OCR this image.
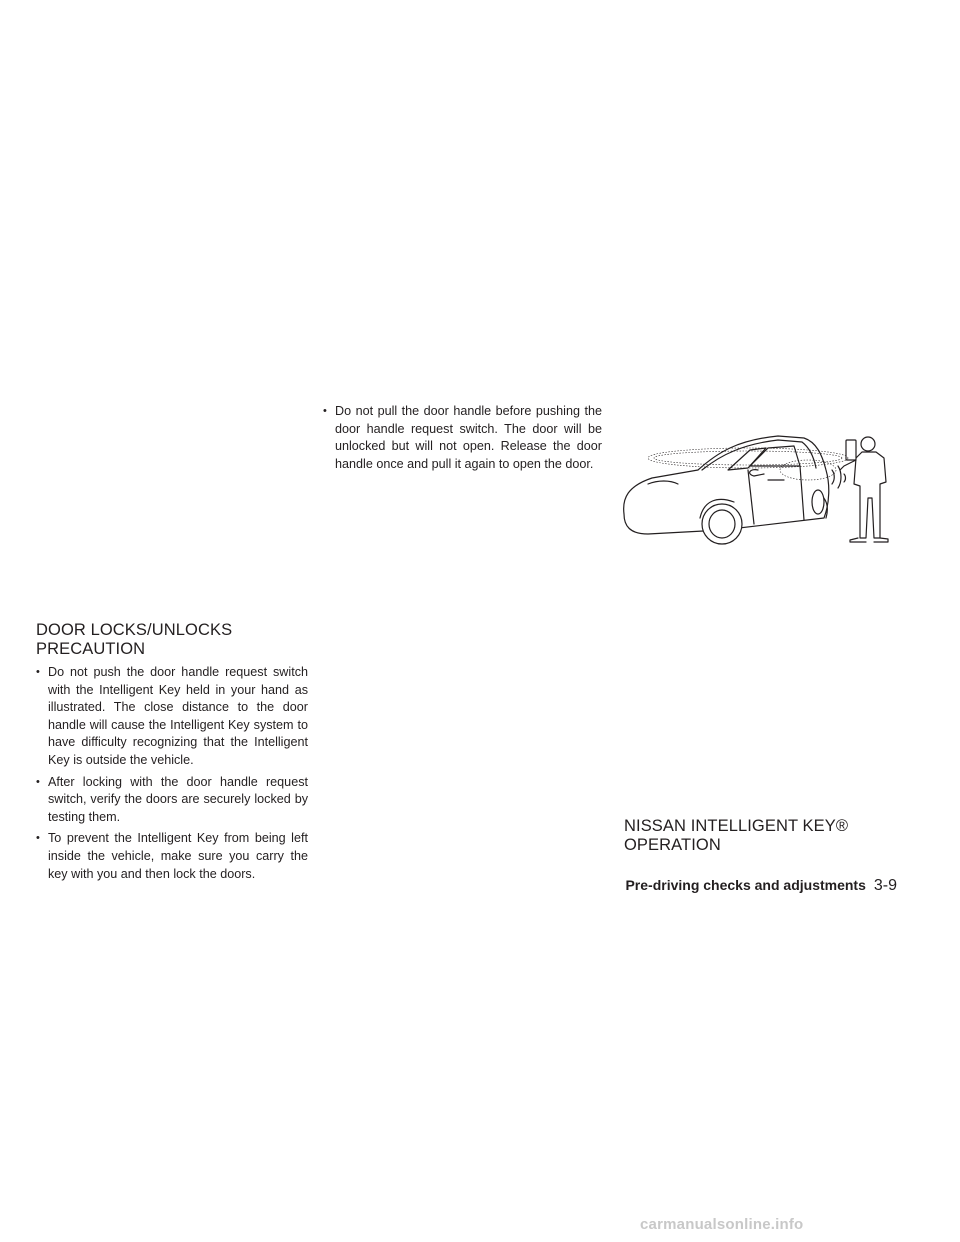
DOOR LOCKS/UNLOCKS
PRECAUTION
• Do not push the door handle request switch with the Intelligent Key held in your hand as illustrated. The close distance to the door handle will cause the Intelligent Key system to have difficulty recognizing that the Intelligent Key is outside the vehicle.
• After locking with the door handle request switch, verify the doors are securely locked by testing them.
• To prevent the Intelligent Key from being left inside the vehicle, make sure you carry the key with you and then lock the doors.
• Do not pull the door handle before pushing the door handle request switch. The door will be unlocked but will not open. Release the door handle once and pull it again to open the door.
NISSAN INTELLIGENT KEY®
OPERATION
Pre-driving checks and adjustments 3-9
carmanualsonline.info
